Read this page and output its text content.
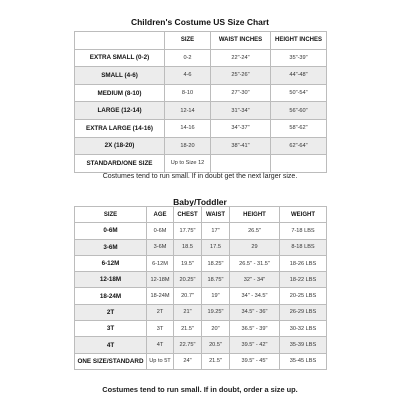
Children's Costume US Size Chart
	SIZE	WAIST INCHES	HEIGHT INCHES
EXTRA SMALL (0-2)	0-2	22"-24"	35"-39"
SMALL (4-6)	4-6	25"-26"	44"-48"
MEDIUM (8-10)	8-10	27"-30"	50"-54"
LARGE (12-14)	12-14	31"-34"	56"-60"
EXTRA LARGE (14-16)	14-16	34"-37"	58"-62"
2X (18-20)	18-20	38"-41"	62"-64"
STANDARD/ONE SIZE	Up to Size 12		
Costumes tend to run small. If in doubt get the next larger size.
Baby/Toddler
SIZE	AGE	CHEST	WAIST	HEIGHT	WEIGHT
0-6M	0-6M	17.75"	17"	26.5"	7-18 LBS
3-6M	3-6M	18.5	17.5	29	8-18 LBS
6-12M	6-12M	19.5"	18.25"	26.5" - 31.5"	18-26 LBS
12-18M	12-18M	20.25"	18.75"	32" - 34"	18-22 LBS
18-24M	18-24M	20.7"	19"	34" - 34.5"	20-25 LBS
2T	2T	21"	19.25"	34.5" - 36"	26-29 LBS
3T	3T	21.5"	20"	36.5" - 39"	30-32 LBS
4T	4T	22.75"	20.5"	39.5" - 42"	35-39 LBS
ONE SIZE/STANDARD	Up to 5T	24"	21.5"	39.5" - 45"	35-45 LBS
Costumes tend to run small. If in doubt, order a size up.
